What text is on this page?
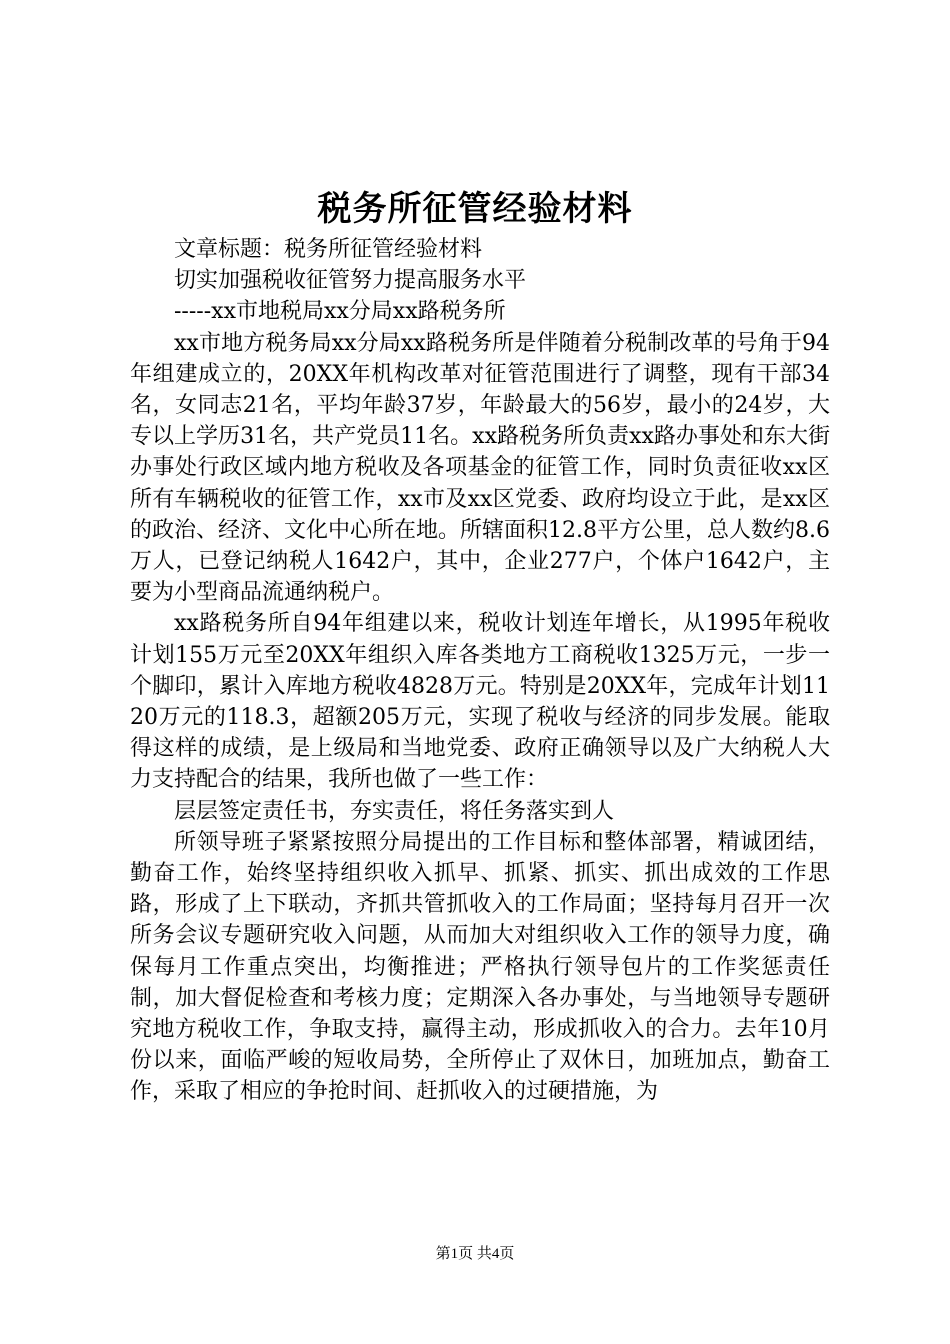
税务所征管经验材料

文章标题：税务所征管经验材料

切实加强税收征管努力提高服务水平

-----xx市地税局xx分局xx路税务所

xx市地方税务局xx分局xx路税务所是伴随着分税制改革的号角于94年组建成立的，20XX年机构改革对征管范围进行了调整，现有干部34名，女同志21名，平均年龄37岁，年龄最大的56岁，最小的24岁，大专以上学历31名，共产党员11名。xx路税务所负责xx路办事处和东大街办事处行政区域内地方税收及各项基金的征管工作，同时负责征收xx区所有车辆税收的征管工作，xx市及xx区党委、政府均设立于此，是xx区的政治、经济、文化中心所在地。所辖面积12.8平方公里，总人数约8.6万人，已登记纳税人1642户，其中，企业277户，个体户1642户，主要为小型商品流通纳税户。

xx路税务所自94年组建以来，税收计划连年增长，从1995年税收计划155万元至20XX年组织入库各类地方工商税收1325万元，一步一个脚印，累计入库地方税收4828万元。特别是20XX年，完成年计划1120万元的118.3，超额205万元，实现了税收与经济的同步发展。能取得这样的成绩，是上级局和当地党委、政府正确领导以及广大纳税人大力支持配合的结果，我所也做了一些工作：

层层签定责任书，夯实责任，将任务落实到人

所领导班子紧紧按照分局提出的工作目标和整体部署，精诚团结，勤奋工作，始终坚持组织收入抓早、抓紧、抓实、抓出成效的工作思路，形成了上下联动，齐抓共管抓收入的工作局面；坚持每月召开一次所务会议专题研究收入问题，从而加大对组织收入工作的领导力度，确保每月工作重点突出，均衡推进；严格执行领导包片的工作奖惩责任制，加大督促检查和考核力度；定期深入各办事处，与当地领导专题研究地方税收工作，争取支持，赢得主动，形成抓收入的合力。去年10月份以来，面临严峻的短收局势，全所停止了双休日，加班加点，勤奋工作，采取了相应的争抢时间、赶抓收入的过硬措施，为

第1页 共4页
